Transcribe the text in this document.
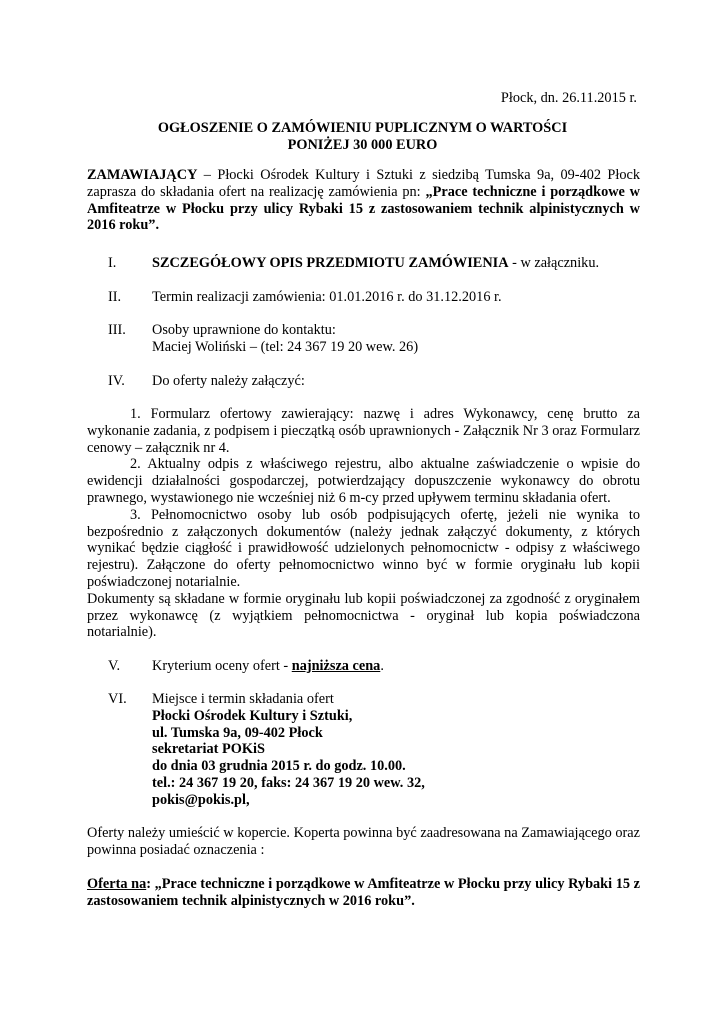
Płock, dn. 26.11.2015 r.
OGŁOSZENIE O ZAMÓWIENIU PUPLICZNYM O WARTOŚCI
PONIŻEJ 30 000 EURO
ZAMAWIAJĄCY – Płocki Ośrodek Kultury i Sztuki z siedzibą Tumska 9a, 09-402 Płock zaprasza do składania ofert na realizację zamówienia pn: „Prace techniczne i porządkowe w Amfiteatrze w Płocku przy ulicy Rybaki 15 z zastosowaniem technik alpinistycznych w 2016 roku”.
I.	SZCZEGÓŁOWY OPIS PRZEDMIOTU ZAMÓWIENIA - w załączniku.
II.	Termin realizacji zamówienia: 01.01.2016 r. do 31.12.2016 r.
III.	Osoby uprawnione do kontaktu:
Maciej Woliński – (tel: 24 367 19 20 wew. 26)
IV.	Do oferty należy załączyć:
1. Formularz ofertowy zawierający: nazwę i adres Wykonawcy, cenę brutto za wykonanie zadania, z podpisem i pieczątką osób uprawnionych - Załącznik Nr 3 oraz Formularz cenowy – załącznik nr 4.
2. Aktualny odpis z właściwego rejestru, albo aktualne zaświadczenie o wpisie do ewidencji działalności gospodarczej, potwierdzający dopuszczenie wykonawcy do obrotu prawnego, wystawionego nie wcześniej niż 6 m-cy przed upływem terminu składania ofert.
3. Pełnomocnictwo osoby lub osób podpisujących ofertę, jeżeli nie wynika to bezpośrednio z załączonych dokumentów (należy jednak załączyć dokumenty, z których wynikać będzie ciągłość i prawidłowość udzielonych pełnomocnictw - odpisy z właściwego rejestru). Załączone do oferty pełnomocnictwo winno być w formie oryginału lub kopii poświadczonej notarialnie.
Dokumenty są składane w formie oryginału lub kopii poświadczonej za zgodność z oryginałem przez wykonawcę (z wyjątkiem pełnomocnictwa - oryginał lub kopia poświadczona notarialnie).
V.	Kryterium oceny ofert - najniższa cena.
VI.	Miejsce i termin składania ofert
Płocki Ośrodek Kultury i Sztuki,
ul. Tumska 9a, 09-402 Płock
sekretariat POKiS
do dnia 03 grudnia 2015 r. do godz. 10.00.
tel.: 24 367 19 20, faks: 24 367 19 20 wew. 32,
pokis@pokis.pl,
Oferty należy umieścić w kopercie. Koperta powinna być zaadresowana na Zamawiającego oraz powinna posiadać oznaczenia :
Oferta na: „Prace techniczne i porządkowe w Amfiteatrze w Płocku przy ulicy Rybaki 15 z zastosowaniem technik alpinistycznych w 2016 roku”.
